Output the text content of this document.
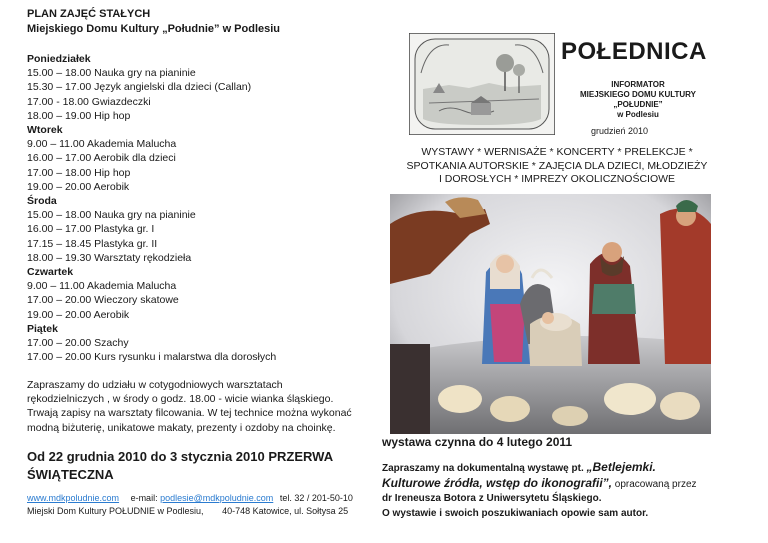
PLAN ZAJĘĆ STAŁYCH
Miejskiego Domu Kultury „Południe” w Podlesiu
Poniedziałek
15.00 – 18.00 Nauka gry na pianinie
15.30 – 17.00 Język angielski dla dzieci (Callan)
17.00 - 18.00 Gwiazdeczki
18.00 – 19.00 Hip hop
Wtorek
9.00 – 11.00 Akademia Malucha
16.00 – 17.00 Aerobik dla dzieci
17.00 – 18.00 Hip hop
19.00 – 20.00 Aerobik
Środa
15.00 – 18.00 Nauka gry na pianinie
16.00 – 17.00 Plastyka gr. I
17.15 – 18.45 Plastyka gr. II
18.00 – 19.30 Warsztaty rękodzieła
Czwartek
9.00 – 11.00 Akademia Malucha
17.00 – 20.00 Wieczory skatowe
19.00 – 20.00 Aerobik
Piątek
17.00 – 20.00 Szachy
17.00 – 20.00 Kurs rysunku i malarstwa dla dorosłych
Zapraszamy do udziału w cotygodniowych warsztatach
rękodzielniczych , w środy o godz. 18.00 - wicie wianka śląskiego.
Trwają zapisy na warsztaty filcowania. W tej technice można wykonać
modną biżuterię, unikatowe makaty, prezenty i ozdoby na choinkę.
Od 22 grudnia 2010 do 3 stycznia 2010 PRZERWA
ŚWIĄTECZNA
www.mdkpoludnie.com e-mail: podlesie@mdkpoludnie.com tel. 32 / 201-50-10
Miejski Dom Kultury POŁUDNIE w Podlesiu, 40-748 Katowice, ul. Sołtysa 25
POŁEDNICA
INFORMATOR
MIEJSKIEGO DOMU KULTURY
„POŁUDNIE”
w Podlesiu
grudzień 2010
WYSTAWY * WERNISAŻE * KONCERTY * PRELEKCJE *
SPOTKANIA AUTORSKIE * ZAJĘCIA DLA DZIECI, MŁODZIEŻY
I DOROSŁYCH * IMPREZY OKOLICZNOŚCIOWE
wystawa czynna do 4 lutego 2011
Zapraszamy na dokumentalną wystawę pt. „Betlejemki.
Kulturowe źródła, wstęp do ikonografii”, opracowaną przez
dr Ireneusza Botora z Uniwersytetu Śląskiego.
O wystawie i swoich poszukiwaniach opowie sam autor.
